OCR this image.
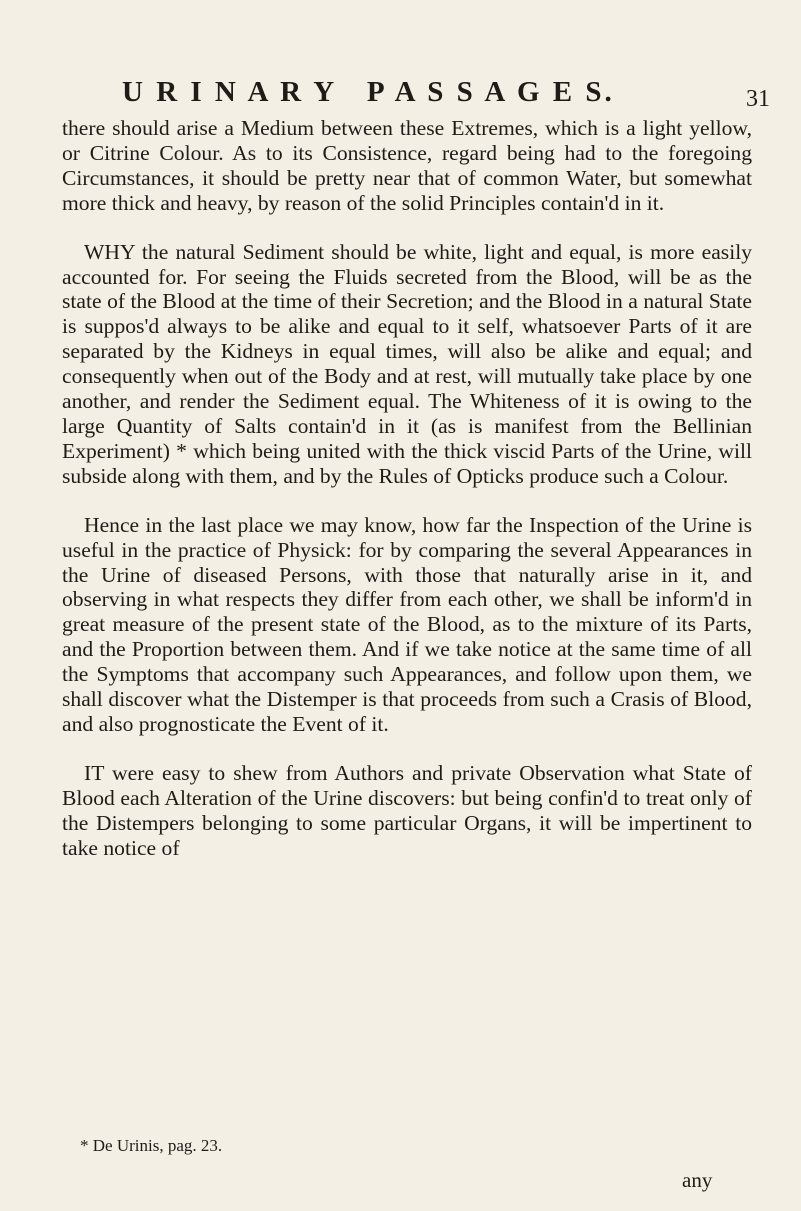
U R I N A R Y P A S S A G E S.	31

there should arise a Medium between these Extremes, which is a light yellow, or Citrine Colour. As to its Consistence, regard being had to the foregoing Circumstances, it should be pretty near that of common Water, but somewhat more thick and heavy, by reason of the solid Principles contain'd in it.

WHY the natural Sediment should be white, light and equal, is more easily accounted for. For seeing the Fluids secreted from the Blood, will be as the state of the Blood at the time of their Secretion; and the Blood in a natural State is suppos'd always to be alike and equal to it self, whatsoever Parts of it are separated by the Kidneys in equal times, will also be alike and equal; and consequently when out of the Body and at rest, will mutually take place by one another, and render the Sediment equal. The Whiteness of it is owing to the large Quantity of Salts contain'd in it (as is manifest from the Bellinian Experiment) * which being united with the thick viscid Parts of the Urine, will subside along with them, and by the Rules of Opticks produce such a Colour.

Hence in the last place we may know, how far the Inspection of the Urine is useful in the practice of Physick: for by comparing the several Appearances in the Urine of diseased Persons, with those that naturally arise in it, and observing in what respects they differ from each other, we shall be inform'd in great measure of the present state of the Blood, as to the mixture of its Parts, and the Proportion between them. And if we take notice at the same time of all the Symptoms that accompany such Appearances, and follow upon them, we shall discover what the Distemper is that proceeds from such a Crasis of Blood, and also prognosticate the Event of it.

IT were easy to shew from Authors and private Observation what State of Blood each Alteration of the Urine discovers: but being confin'd to treat only of the Distempers belonging to some particular Organs, it will be impertinent to take notice of

* De Urinis, pag. 23.
any
